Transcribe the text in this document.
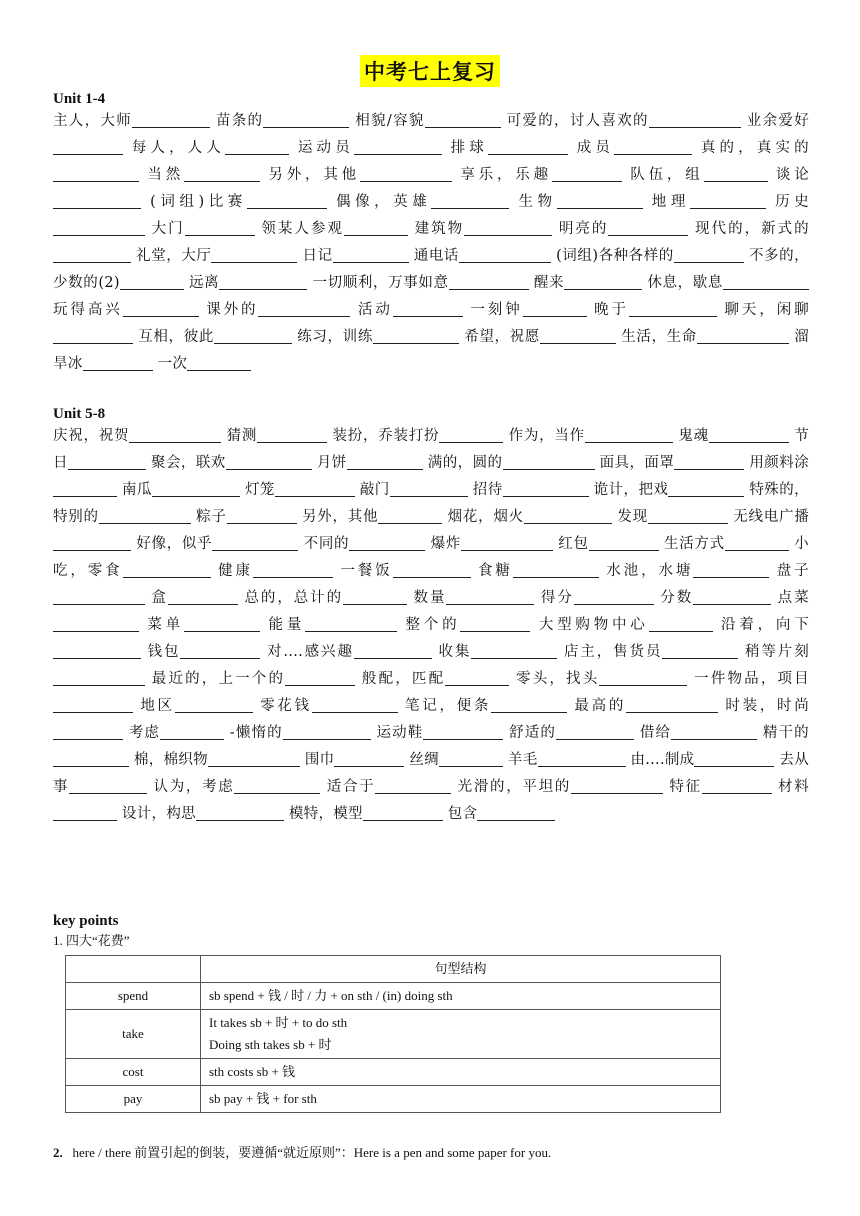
中考七上复习
Unit 1-4
主人，大师	苗条的	相貌/容貌	可爱的，讨人喜欢的	业余爱好 每人，人人	运动员	排球	成员	真的，真实的 当然	另外，其他	享乐，乐趣	队伍，组	谈论 (词组)比赛	偶像，英雄	生物	地理	历史 大门	领某人参观	建筑物	明亮的	现代的，新式的 礼堂，大厅	日记	通电话	(词组)各种各样的	不多的，少数的(2)	远离	一切顺利，万事如意	醒来	休息，歇息 玩得高兴	课外的	活动	一刻钟	晚于	聊天，闲聊 互相，彼此	练习，训练	希望，祝愿	生活，生命	溜旱冰	一次
Unit 5-8
庆祝，祝贺	猜测	装扮，乔装打扮	作为，当作	鬼魂	节日	聚会，联欢	月饼	满的，圆的	面具，面罩	用颜料涂 南瓜	灯笼	敲门	招待	诡计，把戏	特殊的，特别的	粽子	另外，其他	烟花，烟火	发现	无线电广播 好像，似乎	不同的	爆炸	红包	生活方式	小吃，零食	健康	一餐饭	食糖	水池，水塘	盘子 盒	总的，总计的	数量	得分	分数	点菜 菜单	能量	整个的	大型购物中心	沿着，向下 钱包	对....感兴趣	收集	店主，售货员	稍等片刻 最近的，上一个的	般配，匹配	零头，找头	一件物品，项目 地区	零花钱	笔记，便条	最高的	时装，时尚 考虑	-懒惰的	运动鞋	舒适的	借给	精干的 棉，棉织物	围巾	丝绸	羊毛	由....制成	去从事	认为，考虑	适合于	光滑的，平坦的	特征	材料 设计，构思	模特，模型	包含
key points
1. 四大“花费”
	句型结构
spend	sb spend + 钱 / 时 / 力 + on sth / (in) doing sth

take	It takes sb + 时 + to do sth
Doing sth takes sb + 时

cost	sth costs sb + 钱

pay	sb pay + 钱 + for sth
2. here / there 前置引起的倒装，要遵循“就近原则”：Here is a pen and some paper for you.
